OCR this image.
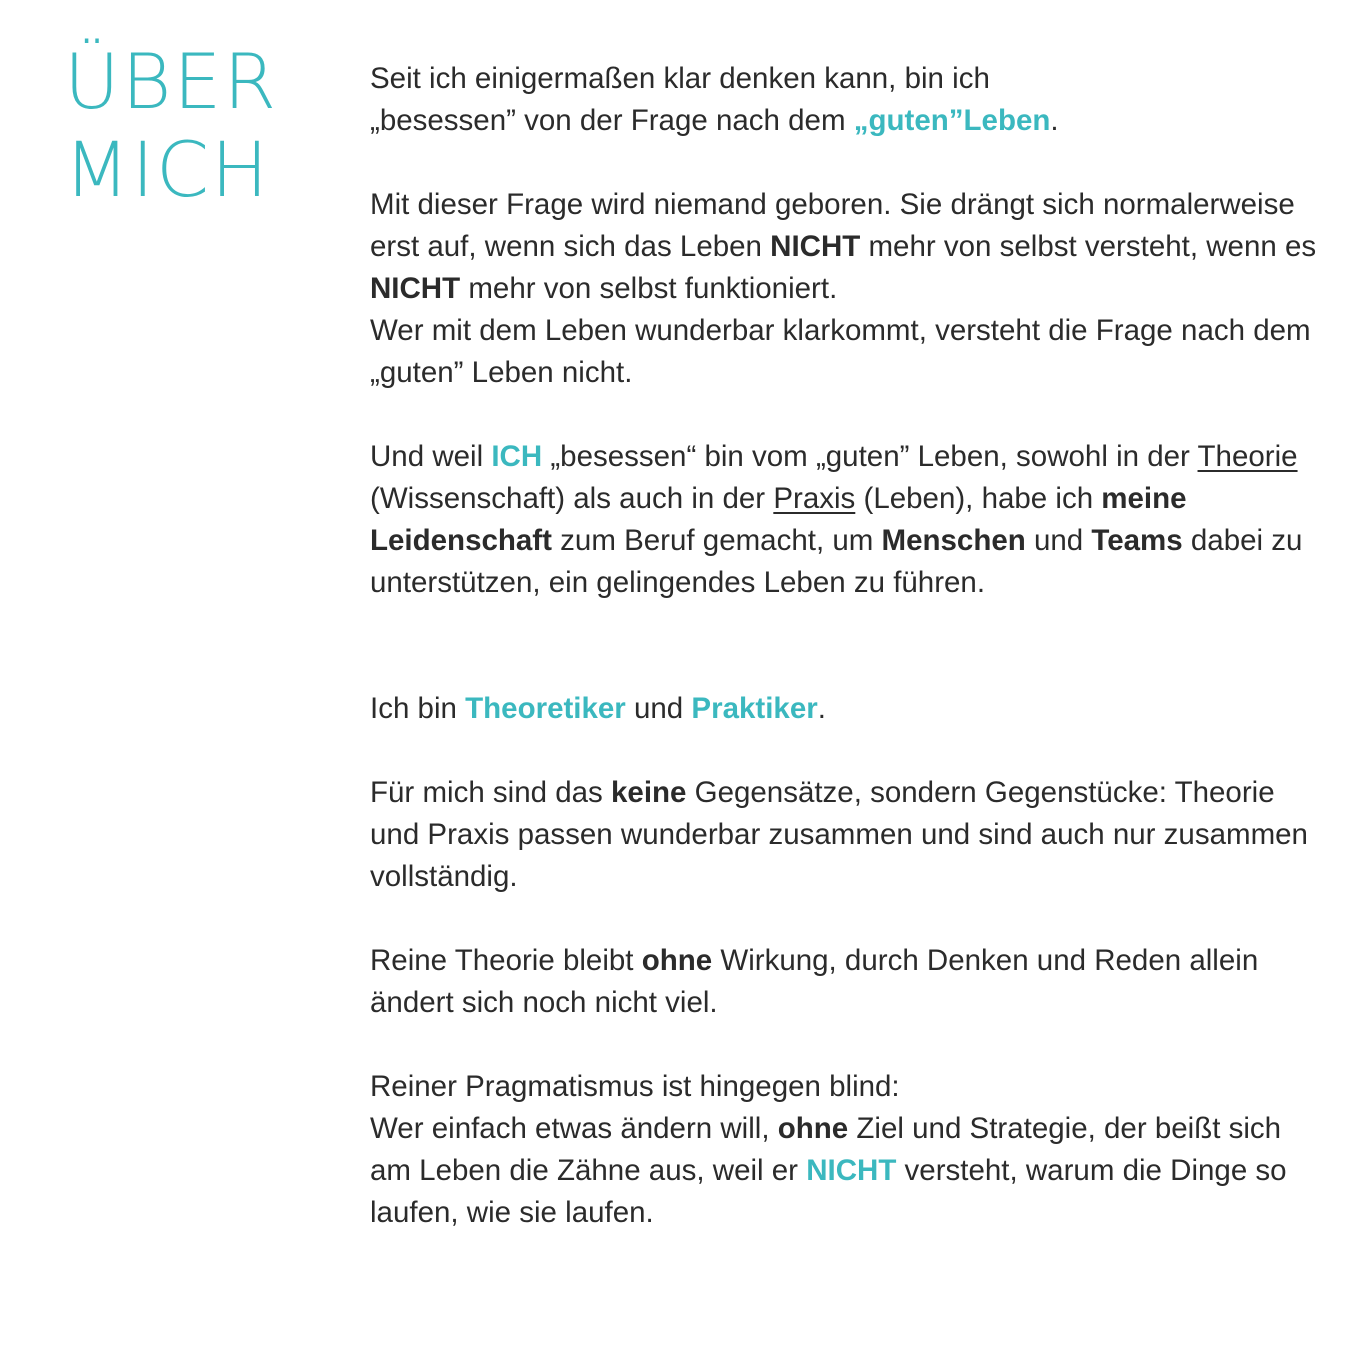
ÜBER
MICH

Seit ich einigermaßen klar denken kann, bin ich
„besessen” von der Frage nach dem „guten”Leben.

Mit dieser Frage wird niemand geboren. Sie drängt sich normalerweise erst auf, wenn sich das Leben NICHT mehr von selbst versteht, wenn es NICHT mehr von selbst funktioniert.

Wer mit dem Leben wunderbar klarkommt, versteht die Frage nach dem „guten” Leben nicht.

Und weil ICH „besessen“ bin vom „guten” Leben, sowohl in der Theorie (Wissenschaft) als auch in der Praxis (Leben), habe ich meine Leidenschaft zum Beruf gemacht, um Menschen und Teams dabei zu unterstützen, ein gelingendes Leben zu führen.

Ich bin Theoretiker und Praktiker.

Für mich sind das keine Gegensätze, sondern Gegenstücke: Theorie und Praxis passen wunderbar zusammen und sind auch nur zusammen vollständig.

Reine Theorie bleibt ohne Wirkung, durch Denken und Reden allein ändert sich noch nicht viel.

Reiner Pragmatismus ist hingegen blind:

Wer einfach etwas ändern will, ohne Ziel und Strategie, der beißt sich am Leben die Zähne aus, weil er NICHT versteht, warum die Dinge so laufen, wie sie laufen.
